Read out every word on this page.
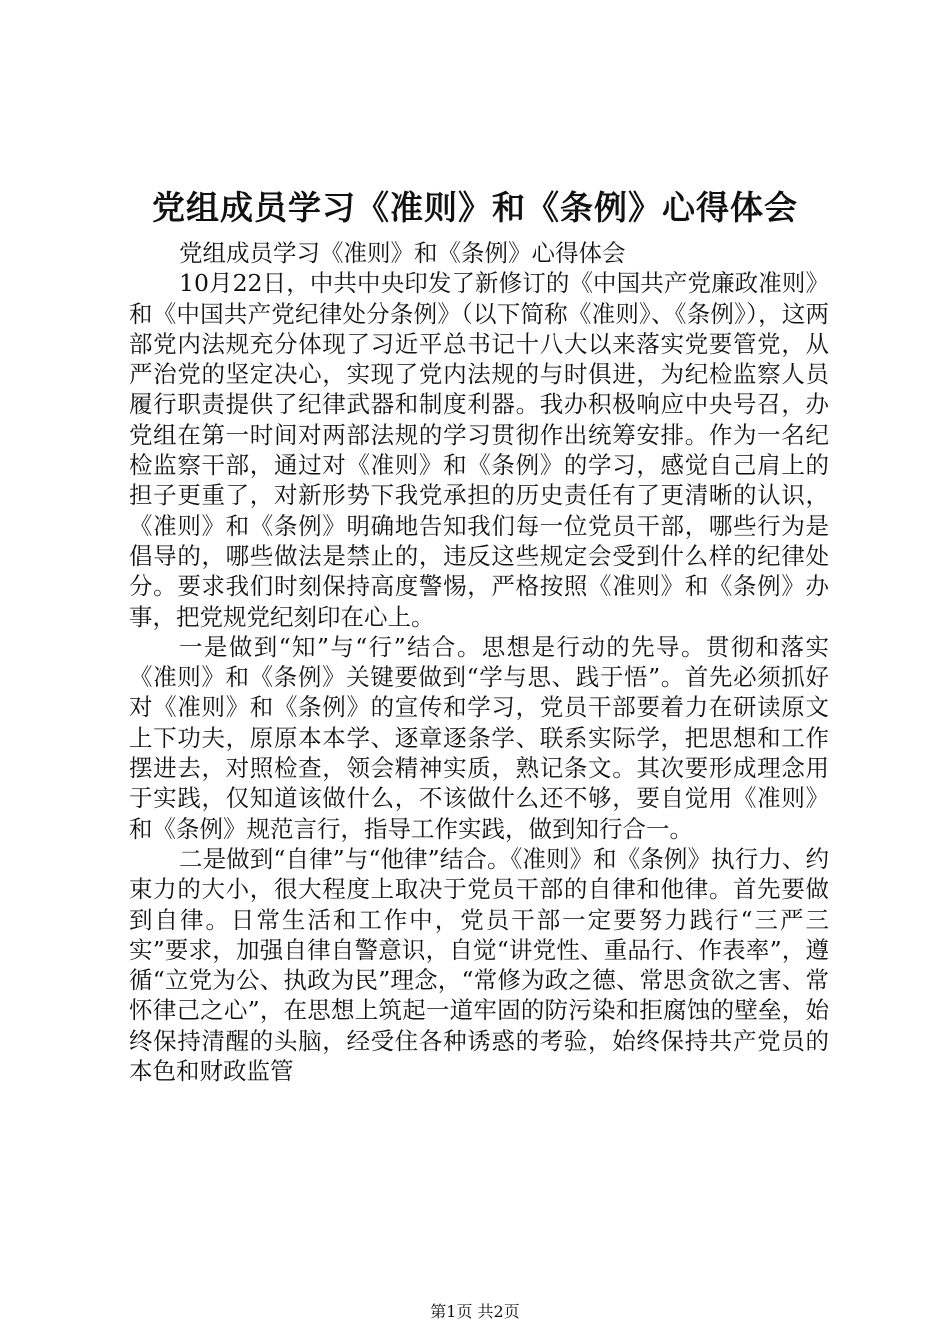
党组成员学习《准则》和《条例》心得体会

党组成员学习《准则》和《条例》心得体会

10月22日，中共中央印发了新修订的《中国共产党廉政准则》和《中国共产党纪律处分条例》（以下简称《准则》、《条例》），这两部党内法规充分体现了习近平总书记十八大以来落实党要管党，从严治党的坚定决心，实现了党内法规的与时俱进，为纪检监察人员履行职责提供了纪律武器和制度利器。我办积极响应中央号召，办党组在第一时间对两部法规的学习贯彻作出统筹安排。作为一名纪检监察干部，通过对《准则》和《条例》的学习，感觉自己肩上的担子更重了，对新形势下我党承担的历史责任有了更清晰的认识，《准则》和《条例》明确地告知我们每一位党员干部，哪些行为是倡导的，哪些做法是禁止的，违反这些规定会受到什么样的纪律处分。要求我们时刻保持高度警惕，严格按照《准则》和《条例》办事，把党规党纪刻印在心上。

一是做到“知”与“行”结合。思想是行动的先导。贯彻和落实《准则》和《条例》关键要做到“学与思、践于悟”。首先必须抓好对《准则》和《条例》的宣传和学习，党员干部要着力在研读原文上下功夫，原原本本学、逐章逐条学、联系实际学，把思想和工作摆进去，对照检查，领会精神实质，熟记条文。其次要形成理念用于实践，仅知道该做什么，不该做什么还不够，要自觉用《准则》和《条例》规范言行，指导工作实践，做到知行合一。

二是做到“自律”与“他律”结合。《准则》和《条例》执行力、约束力的大小，很大程度上取决于党员干部的自律和他律。首先要做到自律。日常生活和工作中，党员干部一定要努力践行“三严三实”要求，加强自律自警意识，自觉“讲党性、重品行、作表率”，遵循“立党为公、执政为民”理念，“常修为政之德、常思贪欲之害、常怀律己之心”，在思想上筑起一道牢固的防污染和拒腐蚀的壁垒，始终保持清醒的头脑，经受住各种诱惑的考验，始终保持共产党员的本色和财政监管

第1页 共2页
